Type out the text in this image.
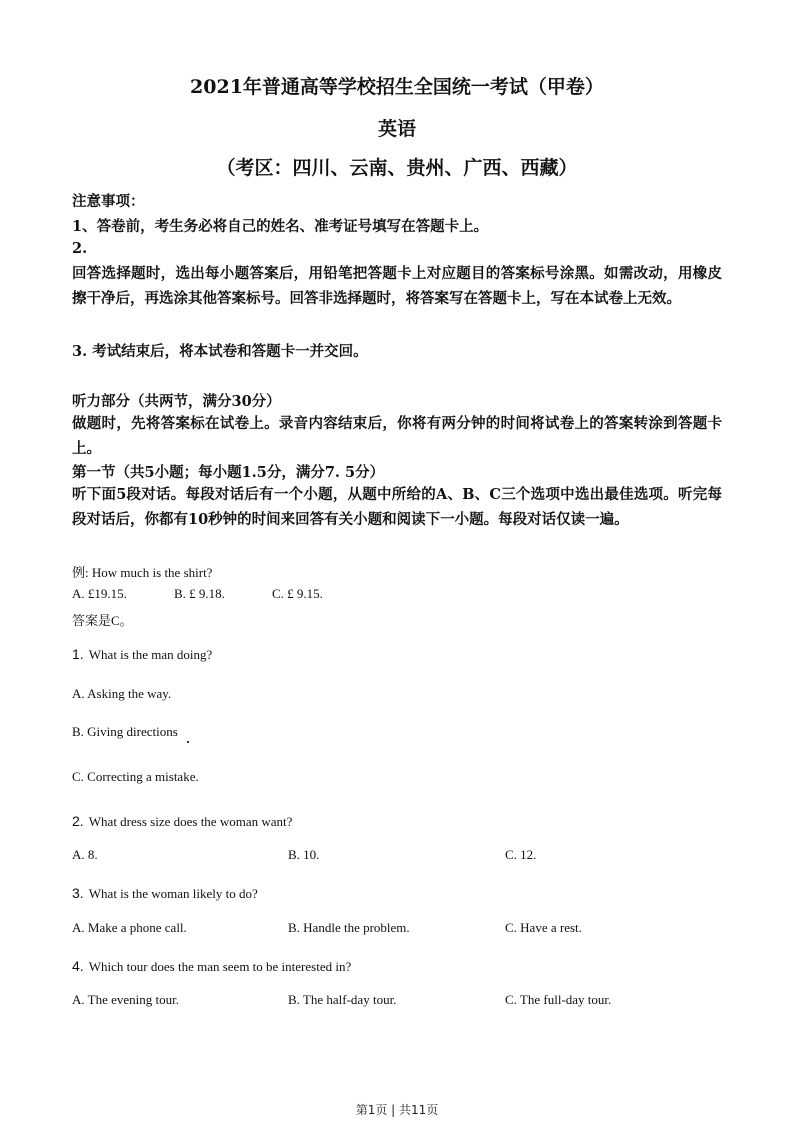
2021年普通高等学校招生全国统一考试（甲卷）
英语
（考区：四川、云南、贵州、广西、西藏）
注意事项：
1、答卷前，考生务必将自己的姓名、准考证号填写在答题卡上。
2.
回答选择题时，选出每小题答案后，用铅笔把答题卡上对应题目的答案标号涂黑。如需改动，用橡皮擦干净后，再选涂其他答案标号。回答非选择题时，将答案写在答题卡上，写在本试卷上无效。
3. 考试结束后，将本试卷和答题卡一并交回。
听力部分（共两节，满分30分）
做题时，先将答案标在试卷上。录音内容结束后，你将有两分钟的时间将试卷上的答案转涂到答题卡上。
第一节（共5小题；每小题1.5分，满分7. 5分）
听下面5段对话。每段对话后有一个小题，从题中所给的A、B、C三个选项中选出最佳选项。听完每段对话后，你都有10秒钟的时间来回答有关小题和阅读下一小题。每段对话仅读一遍。
例: How much is the shirt?
A. £19.15.	B. £ 9.18.	C. £ 9.15.
答案是C。
1. What is the man doing?
A. Asking the way.
B. Giving directions
C. Correcting a mistake.
2. What dress size does the woman want?
A. 8.	B. 10.	C. 12.
3. What is the woman likely to do?
A. Make a phone call.	B. Handle the problem.	C. Have a rest.
4. Which tour does the man seem to be interested in?
A. The evening tour.	B. The half-day tour.	C. The full-day tour.
第1页 | 共11页
